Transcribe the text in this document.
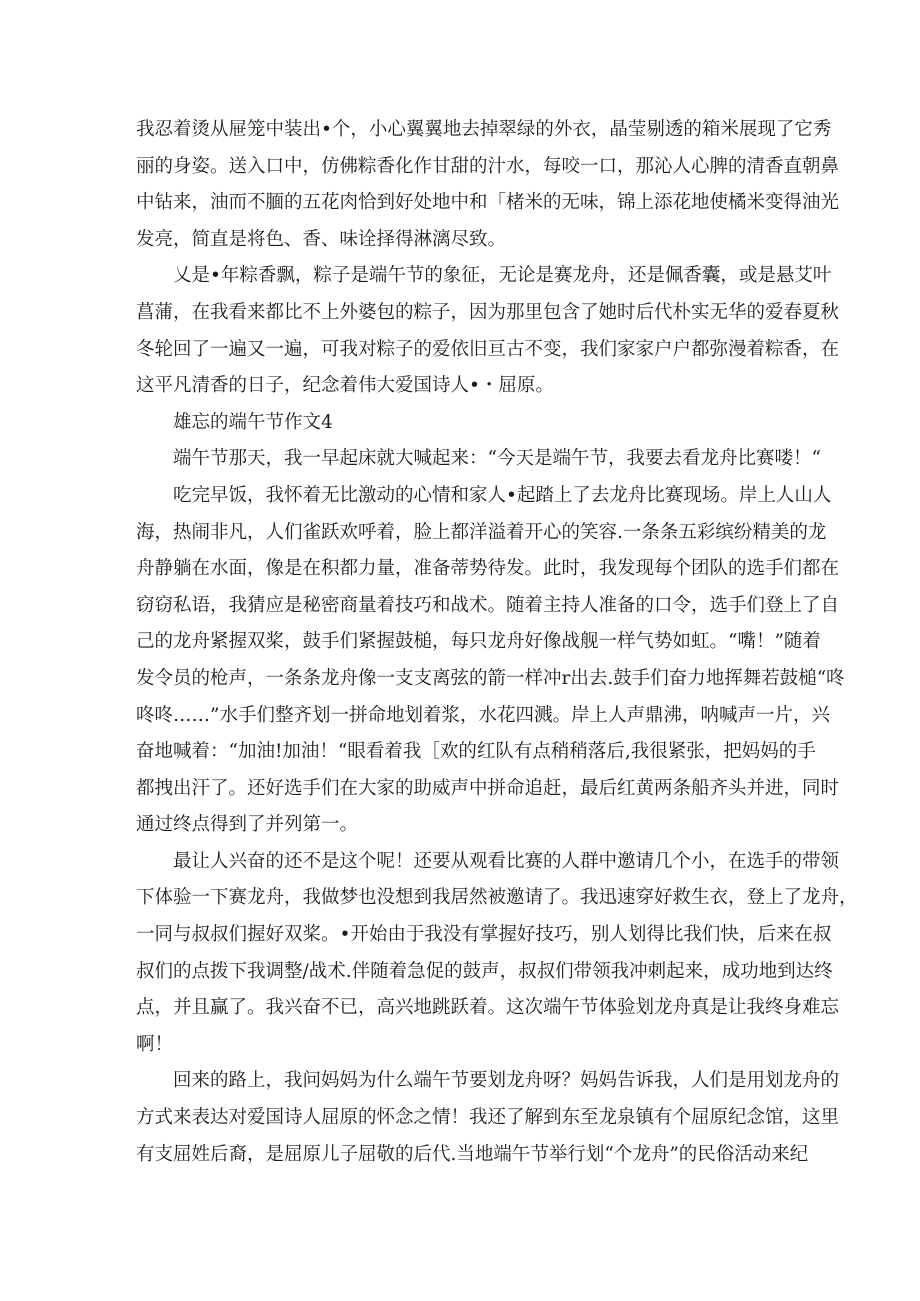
我忍着烫从屉笼中装出•个，小心翼翼地去掉翠绿的外衣，晶莹剔透的箱米展现了它秀
丽的身姿。送入口中，仿佛粽香化作甘甜的汁水，每咬一口，那沁人心脾的清香直朝鼻
中钻来，油而不腼的五花肉恰到好处地中和「楮米的无味，锦上添花地使橘米变得油光
发亮，简直是将色、香、味诠择得淋漓尽致。
乂是•年粽香飘，粽子是端午节的象征，无论是赛龙舟，还是佩香囊，或是悬艾叶
菖蒲，在我看来都比不上外婆包的粽子，因为那里包含了她时后代朴实无华的爱春夏秋
冬轮回了一遍又一遍，可我对粽子的爱依旧亘古不变，我们家家户户都弥漫着粽香，在
这平凡清香的日子，纪念着伟大爱国诗人•・屈原。
雄忘的端午节作文4
端午节那天，我一早起床就大喊起来：“今天是端午节，我要去看龙舟比赛喽！“
吃完早饭，我怀着无比激动的心情和家人•起踏上了去龙舟比赛现场。岸上人山人
海，热闹非凡，人们雀跃欢呼着，脸上都洋溢着开心的笑容.一条条五彩缤纷精美的龙
舟静躺在水面，像是在积都力量，准备蒂势待发。此时，我发现每个团队的选手们都在
窃窃私语，我猜应是秘密商量着技巧和战术。随着主持人准备的口令，选手们登上了自
己的龙舟紧握双桨，鼓手们紧握鼓槌，每只龙舟好像战舰一样气势如虹。“嘴！”随着
发令员的枪声，一条条龙舟像一支支离弦的箭一样冲r出去.鼓手们奋力地挥舞若鼓槌“咚
咚咚……”水手们整齐划一拼命地划着浆，水花四溅。岸上人声鼎沸，呐喊声一片，兴
奋地喊着：“加油!加油！“眼看着我［欢的红队有点稍稍落后,我很紧张，把妈妈的手
都拽出汗了。还好选手们在大家的助威声中拼命追赶，最后红黄两条船齐头并进，同时
通过终点得到了并列第一。
最让人兴奋的还不是这个呢！还要从观看比赛的人群中邀请几个小，在选手的带领
下体验一下赛龙舟，我做梦也没想到我居然被邀请了。我迅速穿好救生衣，登上了龙舟，
一同与叔叔们握好双桨。•开始由于我没有掌握好技巧，别人划得比我们快，后来在叔
叔们的点拨下我调整/战术.伴随着急促的鼓声，叔叔们带领我冲刺起来，成功地到达终
点，并且赢了。我兴奋不已，高兴地跳跃着。这次端午节体验划龙舟真是让我终身难忘
啊！
回来的路上，我问妈妈为什么端午节要划龙舟呀？妈妈告诉我，人们是用划龙舟的
方式来表达对爱国诗人屈原的怀念之情！我还了解到东至龙泉镇有个屈原纪念馆，这里
有支屈姓后裔，是屈原儿子屈敬的后代.当地端午节举行划“个龙舟”的民俗活动来纪
